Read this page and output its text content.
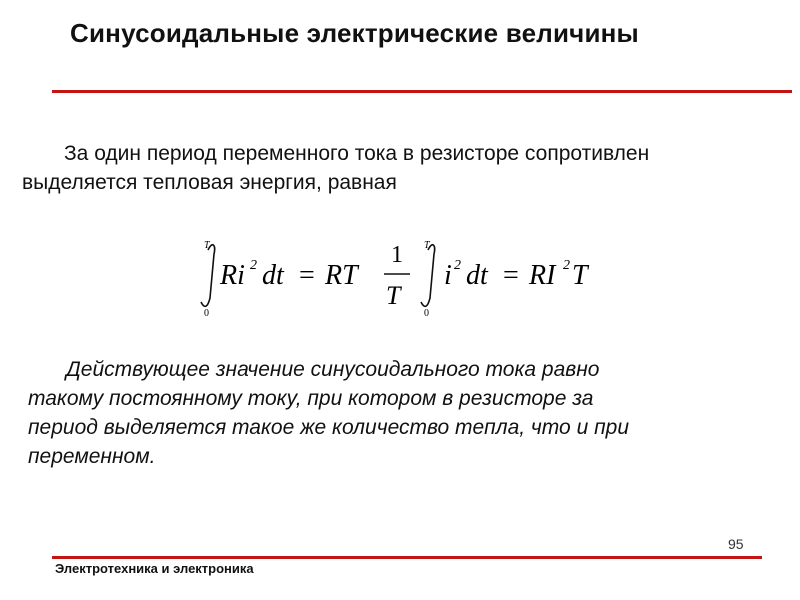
Синусоидальные электрические величины

За один период переменного тока в резисторе сопротивлен
выделяется тепловая энергия, равная

T
0
Ri 2 dt = RT
1
T
T
0
i 2 dt = RI 2 T

Действующее значение синусоидального тока равно
такому постоянному току, при котором в резисторе за
период выделяется такое же количество тепла, что и при
переменном.

95
Электротехника и электроника
